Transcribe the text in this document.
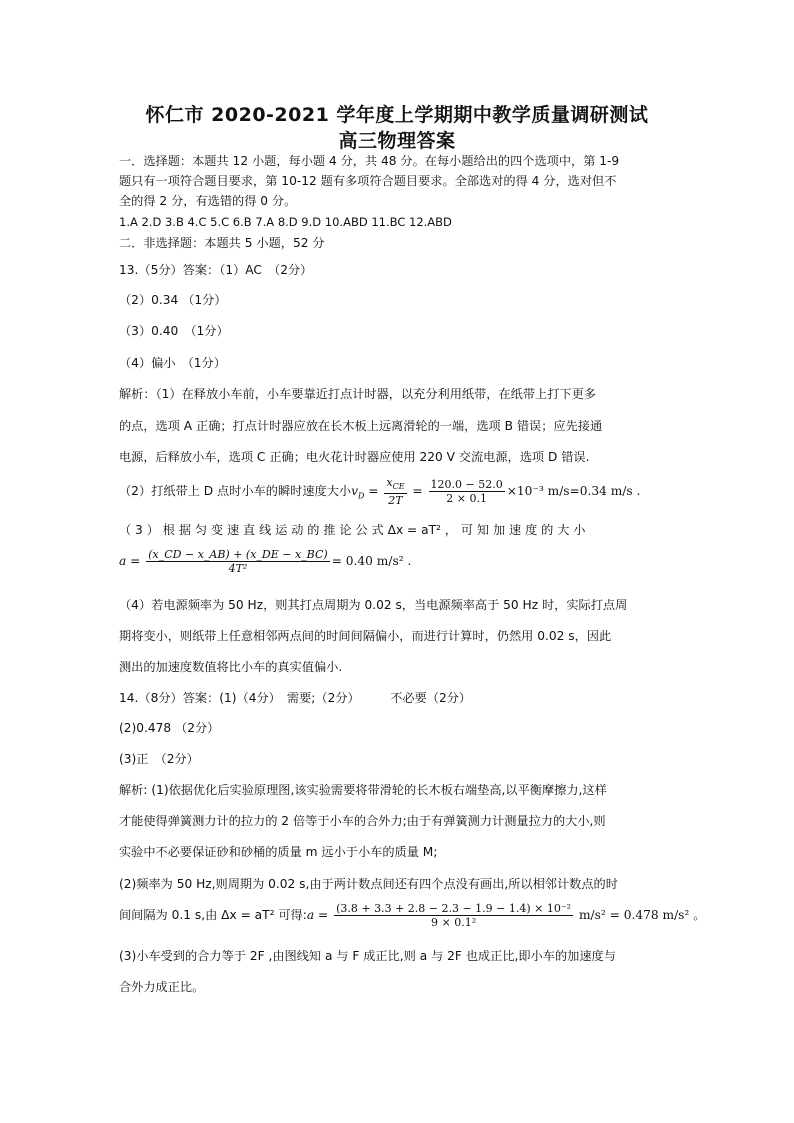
怀仁市 2020-2021 学年度上学期期中教学质量调研测试
高三物理答案
一．选择题：本题共 12 小题，每小题 4 分，共 48 分。在每小题给出的四个选项中，第 1-9
题只有一项符合题目要求，第 10-12 题有多项符合题目要求。全部选对的得 4 分，选对但不
全的得 2 分，有选错的得 0 分。
1.A 2.D 3.B 4.C 5.C 6.B 7.A 8.D 9.D 10.ABD 11.BC 12.ABD
二．非选择题：本题共 5 小题，52 分
13.（5分）答案：（1）AC　（2分）
（2）0.34 （1分）
（3）0.40　（1分）
（4）偏小　（1分）
解析：（1）在释放小车前，小车要靠近打点计时器，以充分利用纸带，在纸带上打下更多
的点，选项 A 正确；打点计时器应放在长木板上远离滑轮的一端，选项 B 错误；应先接通
电源，后释放小车，选项 C 正确；电火花计时器应使用 220 V 交流电源，选项 D 错误.
（2）打纸带上 D 点时小车的瞬时速度大小$v_D = \frac{x_{CE}}{2T} = \frac{120.0 - 52.0}{2 \times 0.1} \times 10^{-3}$ m/s=0.34 m/s .
（ 3 ） 根 据 匀 变 速 直 线 运 动 的 推 论 公 式 Δx = aT² ， 可 知 加 速 度 的 大 小
$a = \frac{(x\_CD - x\_AB) + (x\_DE - x\_BC)}{\text{4T²}} = 0.40$ m/s² .
（4）若电源频率为 50 Hz，则其打点周期为 0.02 s，当电源频率高于 50 Hz 时，实际打点周
期将变小，则纸带上任意相邻两点间的时间间隔偏小，而进行计算时，仍然用 0.02 s，因此
测出的加速度数值将比小车的真实值偏小.
14.（8分）答案：(1)（4分）　需要;（2分）　　　不必要（2分）
(2)0.478 （2分）
(3)正　（2分）
解析: (1)依据优化后实验原理图,该实验需要将带滑轮的长木板右端垫高,以平衡摩擦力,这样
才能使得弹簧测力计的拉力的 2 倍等于小车的合外力;由于有弹簧测力计测量拉力的大小,则
实验中不必要保证砂和砂桶的质量 m 远小于小车的质量 M;
(2)频率为 50 Hz,则周期为 0.02 s,由于两计数点间还有四个点没有画出,所以相邻计数点的时
间间隔为 0.1 s,由 Δx = aT² 可得:a = $\frac{\text{(3.8 + 3.3 + 2.8 − 2.3 − 1.9 − 1.4) × 10⁻²}}{\text{9 × 0.1²}} m/s^2 = 0.478$ m/s² 。
(3)小车受到的合力等于 2F ,由图线知 a 与 F 成正比,则 a 与 2F 也成正比,即小车的加速度与
合外力成正比。
